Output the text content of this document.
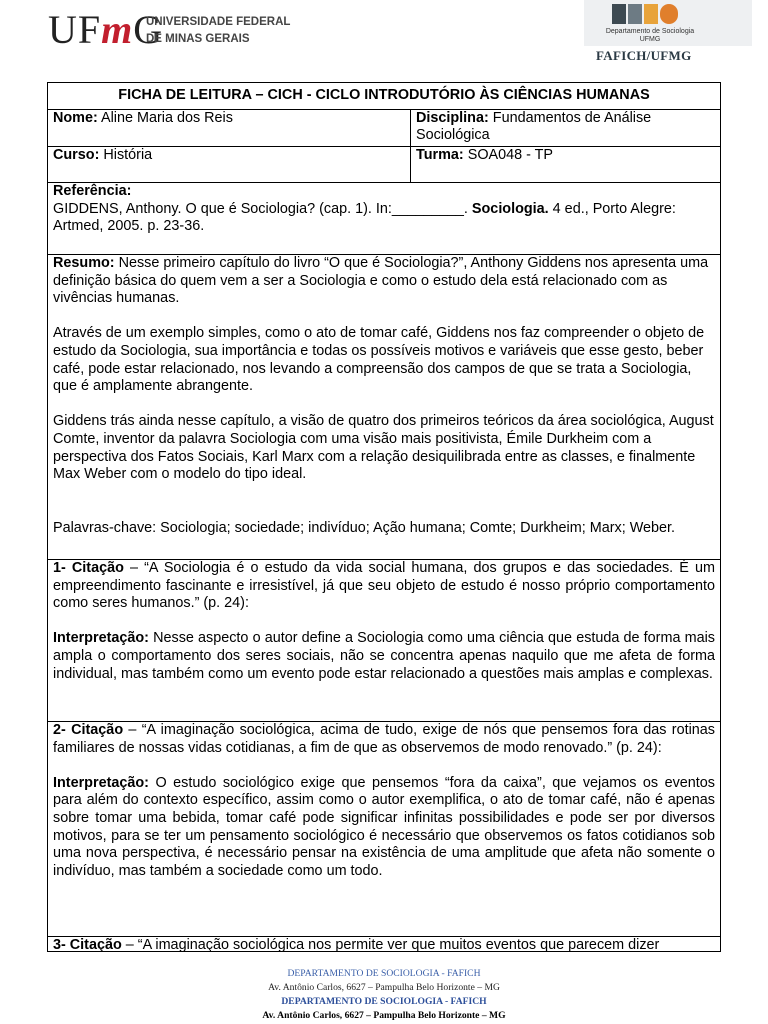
UFmG
UNIVERSIDADE FEDERAL
DE MINAS GERAIS
Departamento de Sociologia
UFMG
FAFICH/UFMG
FICHA DE LEITURA – CICH - CICLO INTRODUTÓRIO ÀS CIÊNCIAS HUMANAS
Nome: Aline Maria dos Reis	Disciplina: Fundamentos de Análise Sociológica
Curso: História	Turma: SOA048 - TP

Referência:

GIDDENS, Anthony. O que é Sociologia? (cap. 1). In:_________. Sociologia. 4 ed., Porto Alegre: Artmed, 2005. p. 23-36.

Resumo: Nesse primeiro capítulo do livro “O que é Sociologia?”, Anthony Giddens nos apresenta uma definição básica do quem vem a ser a Sociologia e como o estudo dela está relacionado com as vivências humanas.

Através de um exemplo simples, como o ato de tomar café, Giddens nos faz compreender o objeto de estudo da Sociologia, sua importância e todas os possíveis motivos e variáveis que esse gesto, beber café, pode estar relacionado, nos levando a compreensão dos campos de que se trata a Sociologia, que é amplamente abrangente.

Giddens trás ainda nesse capítulo, a visão de quatro dos primeiros teóricos da área sociológica, August Comte, inventor da palavra Sociologia com uma visão mais positivista, Émile Durkheim com a perspectiva dos Fatos Sociais, Karl Marx com a relação desiquilibrada entre as classes, e finalmente Max Weber com o modelo do tipo ideal.

Palavras-chave: Sociologia; sociedade; indivíduo; Ação humana; Comte; Durkheim; Marx; Weber.

1- Citação – “A Sociologia é o estudo da vida social humana, dos grupos e das sociedades. É um empreendimento fascinante e irresistível, já que seu objeto de estudo é nosso próprio comportamento como seres humanos.” (p. 24):

Interpretação: Nesse aspecto o autor define a Sociologia como uma ciência que estuda de forma mais ampla o comportamento dos seres sociais, não se concentra apenas naquilo que me afeta de forma individual, mas também como um evento pode estar relacionado a questões mais amplas e complexas.

2- Citação – “A imaginação sociológica, acima de tudo, exige de nós que pensemos fora das rotinas familiares de nossas vidas cotidianas, a fim de que as observemos de modo renovado.” (p. 24):

Interpretação: O estudo sociológico exige que pensemos “fora da caixa”, que vejamos os eventos para além do contexto específico, assim como o autor exemplifica, o ato de tomar café, não é apenas sobre tomar uma bebida, tomar café pode significar infinitas possibilidades e pode ser por diversos motivos, para se ter um pensamento sociológico é necessário que observemos os fatos cotidianos sob uma nova perspectiva, é necessário pensar na existência de uma amplitude que afeta não somente o indivíduo, mas também a sociedade como um todo.

3- Citação – “A imaginação sociológica nos permite ver que muitos eventos que parecem dizer

DEPARTAMENTO DE SOCIOLOGIA - FAFICH
Av. Antônio Carlos, 6627 – Pampulha Belo Horizonte – MG
DEPARTAMENTO DE SOCIOLOGIA - FAFICH
Av. Antônio Carlos, 6627 – Pampulha Belo Horizonte – MG
